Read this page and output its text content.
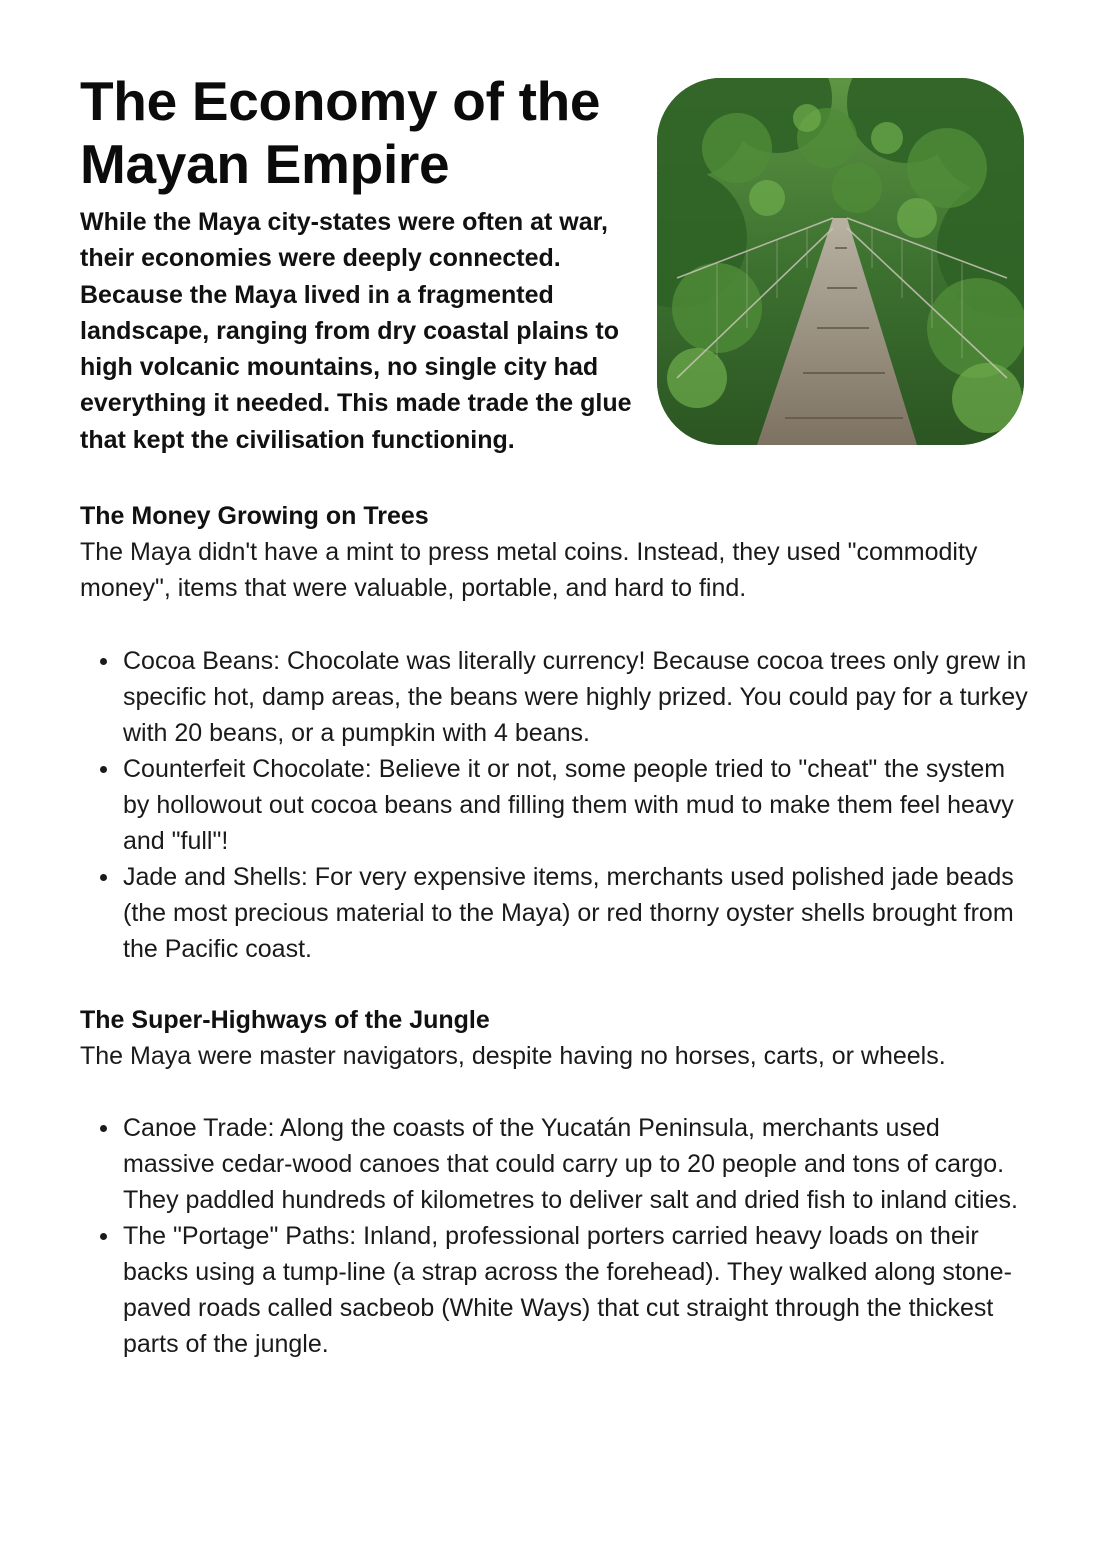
The Economy of the Mayan Empire

While the Maya city-states were often at war, their economies were deeply connected. Because the Maya lived in a fragmented landscape, ranging from dry coastal plains to high volcanic mountains, no single city had everything it needed. This made trade the glue that kept the civilisation functioning.

The Money Growing on Trees
The Maya didn't have a mint to press metal coins. Instead, they used "commodity money", items that were valuable, portable, and hard to find.
Cocoa Beans: Chocolate was literally currency! Because cocoa trees only grew in specific hot, damp areas, the beans were highly prized. You could pay for a turkey with 20 beans, or a pumpkin with 4 beans.
Counterfeit Chocolate: Believe it or not, some people tried to "cheat" the system by hollowout out cocoa beans and filling them with mud to make them feel heavy and "full"!
Jade and Shells: For very expensive items, merchants used polished jade beads (the most precious material to the Maya) or red thorny oyster shells brought from the Pacific coast.
The Super-Highways of the Jungle
The Maya were master navigators, despite having no horses, carts, or wheels.
Canoe Trade: Along the coasts of the Yucatán Peninsula, merchants used massive cedar-wood canoes that could carry up to 20 people and tons of cargo. They paddled hundreds of kilometres to deliver salt and dried fish to inland cities.
The "Portage" Paths: Inland, professional porters carried heavy loads on their backs using a tump-line (a strap across the forehead). They walked along stone-paved roads called sacbeob (White Ways) that cut straight through the thickest parts of the jungle.
